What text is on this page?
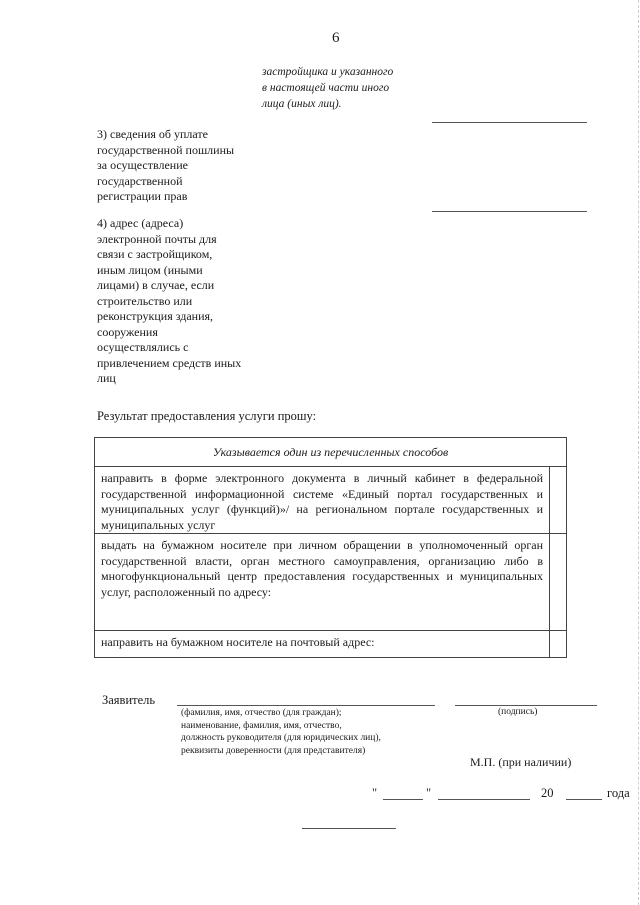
6
застройщика и указанного
в настоящей части иного
лица (иных лиц).
3) сведения об уплате
государственной пошлины
за осуществление
государственной
регистрации прав
4) адрес (адреса)
электронной почты для
связи с застройщиком,
иным лицом (иными
лицами) в случае, если
строительство или
реконструкция здания,
сооружения
осуществлялись с
привлечением средств иных
лиц
Результат предоставления услуги прошу:
Указывается один из перечисленных способов	

направить в форме электронного документа в личный кабинет в федеральной государственной информационной системе «Единый портал государственных и муниципальных услуг (функций)»/ на региональном портале государственных и муниципальных услуг	

выдать на бумажном носителе при личном обращении в уполномоченный орган государственной власти, орган местного самоуправления, организацию либо в многофункциональный центр предоставления государственных и муниципальных услуг, расположенный по адресу:	

направить на бумажном носителе на почтовый адрес:	

Заявитель
(фамилия, имя, отчество (для граждан);
наименование, фамилия, имя, отчество,
должность руководителя (для юридических лиц),
реквизиты доверенности (для представителя)
(подпись)
М.П. (при наличии)
"	"	20	года
